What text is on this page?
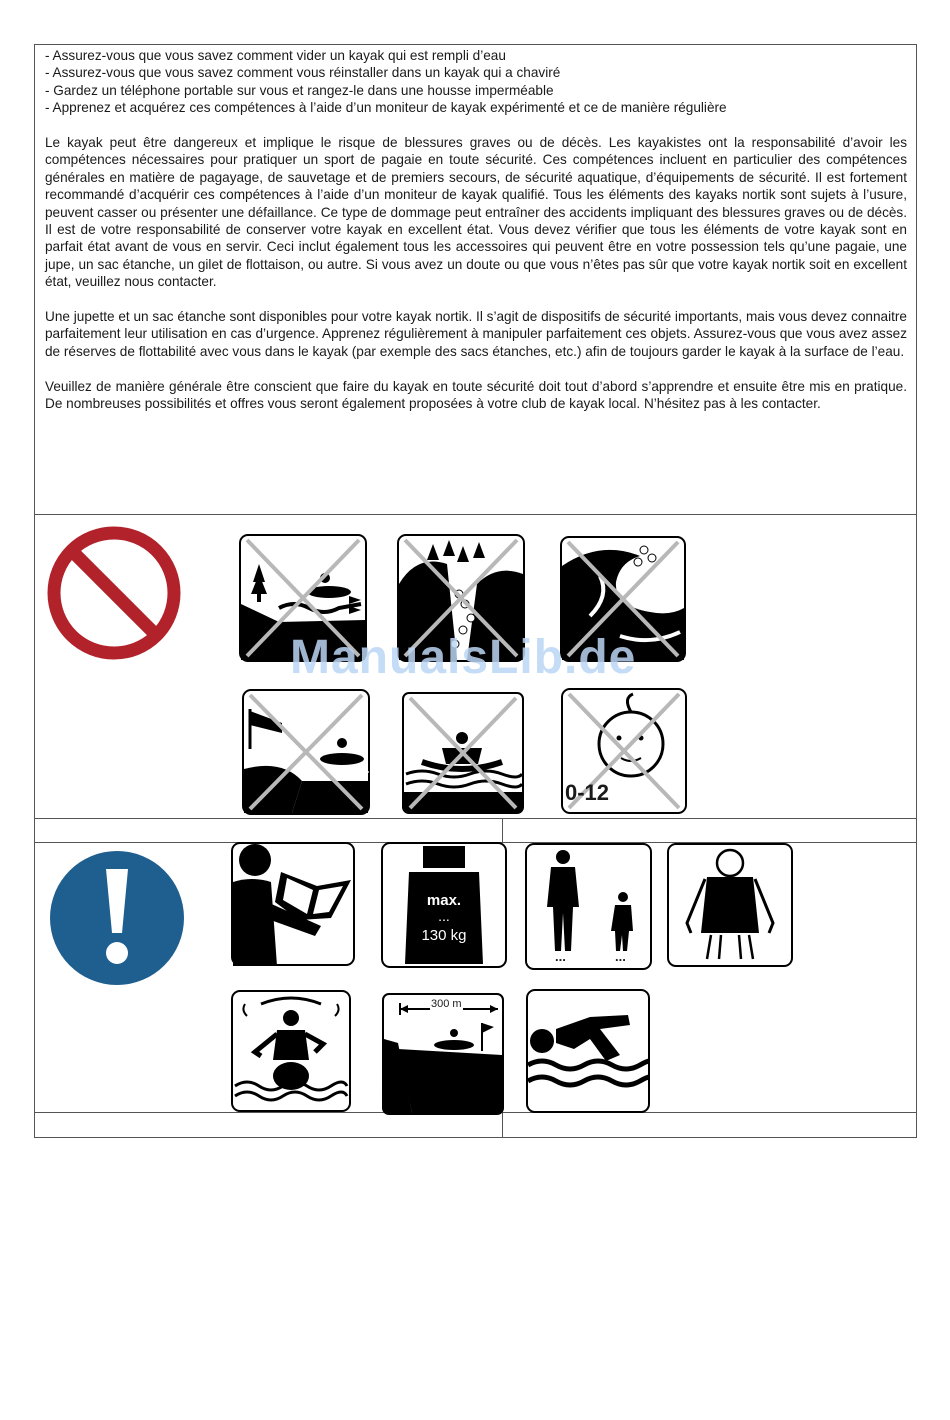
- Assurez-vous que vous savez comment vider un kayak qui est rempli d’eau
- Assurez-vous que vous savez comment vous réinstaller dans un kayak qui a chaviré
- Gardez un téléphone portable sur vous et rangez-le dans une housse imperméable
- Apprenez et acquérez ces compétences à l’aide d’un moniteur de kayak expérimenté et ce de manière régulière

Le kayak peut être dangereux et implique le risque de blessures graves ou de décès. Les kayakistes ont la responsabilité d’avoir les compétences nécessaires pour pratiquer un sport de pagaie en toute sécurité. Ces compétences incluent en particulier des compétences générales en matière de pagayage, de sauvetage et de premiers secours, de sécurité aquatique, d’équipements de sécurité. Il est fortement recommandé d’acquérir ces compétences à l’aide d’un moniteur de kayak qualifié. Tous les éléments des kayaks nortik sont sujets à l’usure, peuvent casser ou présenter une défaillance. Ce type de dommage peut entraîner des accidents impliquant des blessures graves ou de décès. Il est de votre responsabilité de conserver votre kayak en excellent état. Vous devez vérifier que tous les éléments de votre kayak sont en parfait état avant de vous en servir. Ceci inclut également tous les accessoires qui peuvent être en votre possession tels qu’une pagaie, une jupe, un sac étanche, un gilet de flottaison, ou autre. Si vous avez un doute ou que vous n’êtes pas sûr que votre kayak nortik soit en excellent état, veuillez nous contacter.

Une jupette et un sac étanche sont disponibles pour votre kayak nortik. Il s’agit de dispositifs de sécurité importants, mais vous devez connaitre parfaitement leur utilisation en cas d’urgence. Apprenez régulièrement à manipuler parfaitement ces objets. Assurez-vous que vous avez assez de réserves de flottabilité avec vous dans le kayak (par exemple des sacs étanches, etc.) afin de toujours garder le kayak à la surface de l’eau.

Veuillez de manière générale être conscient que faire du kayak en toute sécurité doit tout d’abord s’apprendre et ensuite être mis en pratique. De nombreuses possibilités et offres vous seront également proposées à votre club de kayak local. N’hésitez pas à les contacter.

0-12
ManualsLib.de
max.
...
130 kg
...	...
300 m
